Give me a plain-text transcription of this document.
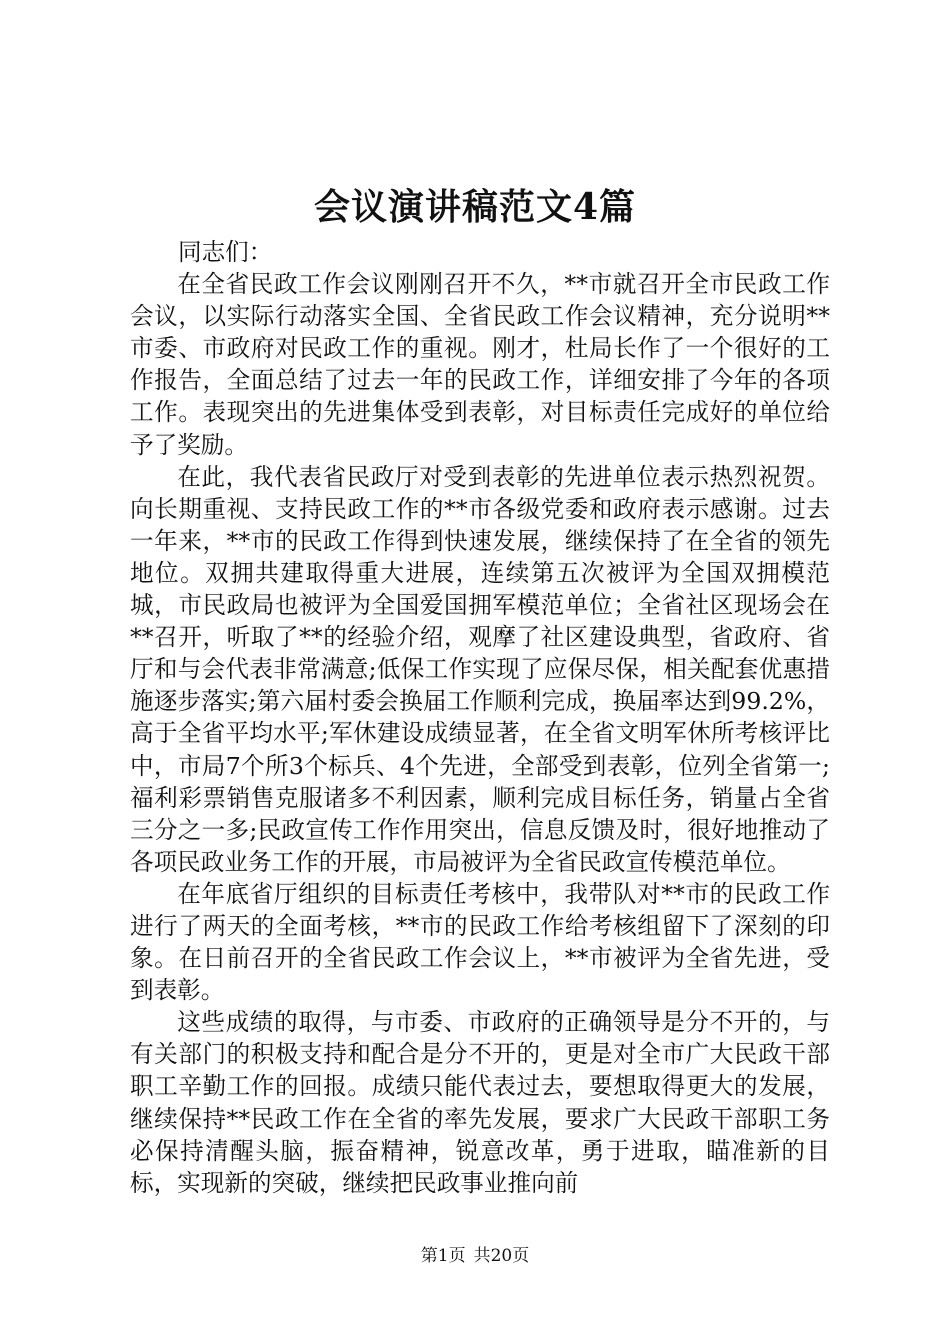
会议演讲稿范文4篇

同志们：

在全省民政工作会议刚刚召开不久，**市就召开全市民政工作会议，以实际行动落实全国、全省民政工作会议精神，充分说明**市委、市政府对民政工作的重视。刚才，杜局长作了一个很好的工作报告，全面总结了过去一年的民政工作，详细安排了今年的各项工作。表现突出的先进集体受到表彰，对目标责任完成好的单位给予了奖励。

在此，我代表省民政厅对受到表彰的先进单位表示热烈祝贺。向长期重视、支持民政工作的**市各级党委和政府表示感谢。过去一年来，**市的民政工作得到快速发展，继续保持了在全省的领先地位。双拥共建取得重大进展，连续第五次被评为全国双拥模范城，市民政局也被评为全国爱国拥军模范单位；全省社区现场会在**召开，听取了**的经验介绍，观摩了社区建设典型，省政府、省厅和与会代表非常满意;低保工作实现了应保尽保，相关配套优惠措施逐步落实;第六届村委会换届工作顺利完成，换届率达到99.2%，高于全省平均水平;军休建设成绩显著，在全省文明军休所考核评比中，市局7个所3个标兵、4个先进，全部受到表彰，位列全省第一;福利彩票销售克服诸多不利因素，顺利完成目标任务，销量占全省三分之一多;民政宣传工作作用突出，信息反馈及时，很好地推动了各项民政业务工作的开展，市局被评为全省民政宣传模范单位。

在年底省厅组织的目标责任考核中，我带队对**市的民政工作进行了两天的全面考核，**市的民政工作给考核组留下了深刻的印象。在日前召开的全省民政工作会议上，**市被评为全省先进，受到表彰。

这些成绩的取得，与市委、市政府的正确领导是分不开的，与有关部门的积极支持和配合是分不开的，更是对全市广大民政干部职工辛勤工作的回报。成绩只能代表过去，要想取得更大的发展，继续保持**民政工作在全省的率先发展，要求广大民政干部职工务必保持清醒头脑，振奋精神，锐意改革，勇于进取，瞄准新的目标，实现新的突破，继续把民政事业推向前

第1页 共20页
